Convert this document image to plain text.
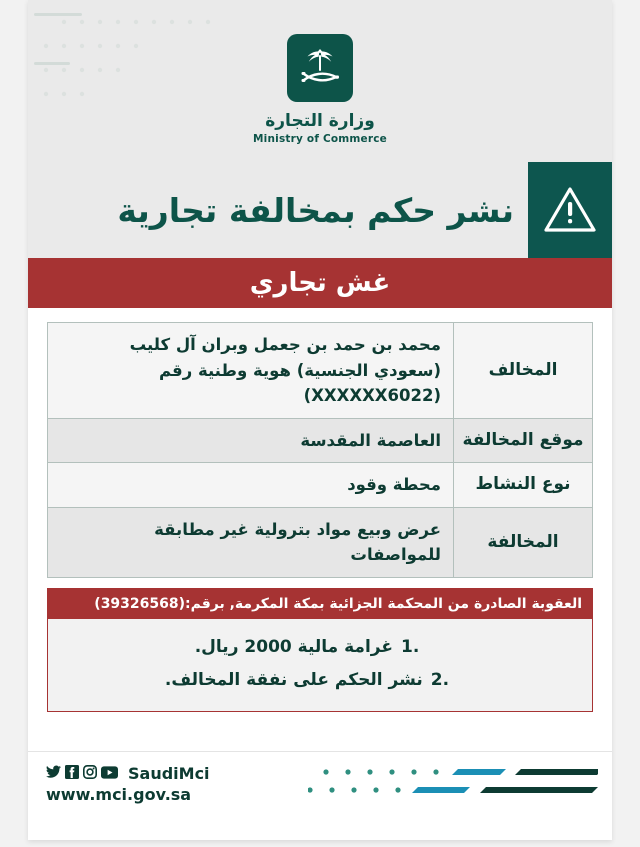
وزارة التجارة
Ministry of Commerce
نشر حكم بمخالفة تجارية
غش تجاري
المخالف	محمد بن حمد بن جعمل وبران آل كليب (سعودي الجنسية) هوية وطنية رقم (XXXXXX6022)
موقع المخالفة	العاصمة المقدسة
نوع النشاط	محطة وقود
المخالفة	عرض وبيع مواد بترولية غير مطابقة للمواصفات
العقوبة الصادرة من المحكمة الجزائية بمكة المكرمة, برقم:(39326568)
.1غرامة مالية 2000 ريال.
.2نشر الحكم على نفقة المخالف.
SaudiMci
www.mci.gov.sa
